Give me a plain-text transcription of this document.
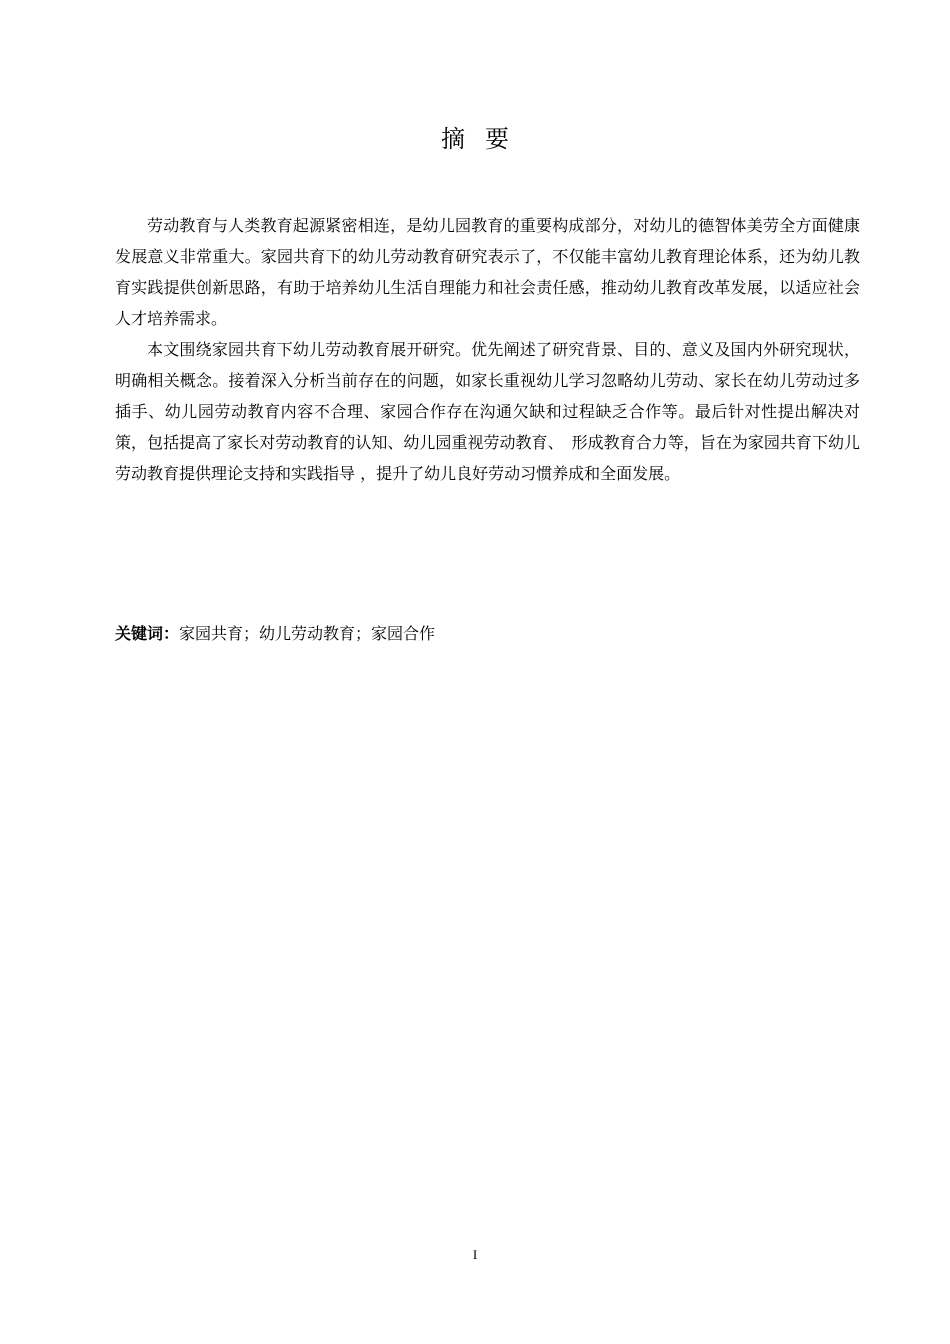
摘要

劳动教育与人类教育起源紧密相连，是幼儿园教育的重要构成部分，对幼儿的德智体美劳全方面健康发展意义非常重大。家园共育下的幼儿劳动教育研究表示了，不仅能丰富幼儿教育理论体系，还为幼儿教育实践提供创新思路，有助于培养幼儿生活自理能力和社会责任感，推动幼儿教育改革发展，以适应社会人才培养需求。

本文围绕家园共育下幼儿劳动教育展开研究。优先阐述了研究背景、目的、意义及国内外研究现状，明确相关概念。接着深入分析当前存在的问题，如家长重视幼儿学习忽略幼儿劳动、家长在幼儿劳动过多插手、幼儿园劳动教育内容不合理、家园合作存在沟通欠缺和过程缺乏合作等。最后针对性提出解决对策，包括提高了家长对劳动教育的认知、幼儿园重视劳动教育、　形成教育合力等，旨在为家园共育下幼儿劳动教育提供理论支持和实践指导 ，提升了幼儿良好劳动习惯养成和全面发展。

关键词：家园共育；幼儿劳动教育；家园合作
I
